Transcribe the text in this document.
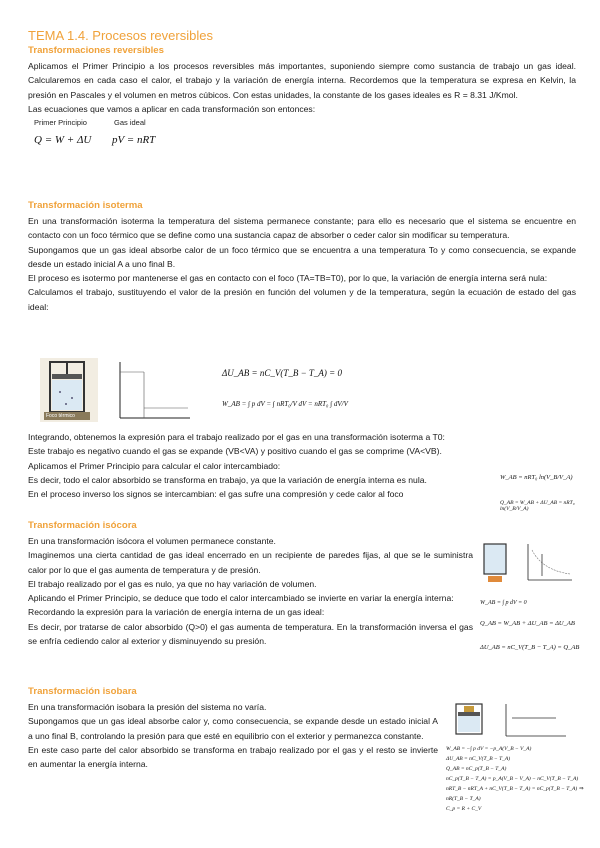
TEMA 1.4. Procesos reversibles
Transformaciones reversibles

Aplicamos el Primer Principio a los procesos reversibles más importantes, suponiendo siempre como sustancia de trabajo un gas ideal. Calcularemos en cada caso el calor, el trabajo y la variación de energía interna. Recordemos que la temperatura se expresa en Kelvin, la presión en Pascales y el volumen en metros cúbicos. Con estas unidades, la constante de los gases ideales es R = 8.31 J/Kmol.

Las ecuaciones que vamos a aplicar en cada transformación son entonces:

Primer Principio	Gas ideal
Q = W + ΔU pV = nRT
Transformación isoterma

En una transformación isoterma la temperatura del sistema permanece constante; para ello es necesario que el sistema se encuentre en contacto con un foco térmico que se define como una sustancia capaz de absorber o ceder calor sin modificar su temperatura.

Supongamos que un gas ideal absorbe calor de un foco térmico que se encuentra a una temperatura To y como consecuencia, se expande desde un estado inicial A a uno final B.

El proceso es isotermo por mantenerse el gas en contacto con el foco (TA=TB=T0), por lo que, la variación de energía interna será nula:

Calculamos el trabajo, sustituyendo el valor de la presión en función del volumen y de la temperatura, según la ecuación de estado del gas ideal:

Foco térmico
ΔU_AB = nC_V(T_B − T_A) = 0
W_AB = ∫ p dV = ∫ nRT₀/V dV = nRT₀ ∫ dV/V

Integrando, obtenemos la expresión para el trabajo realizado por el gas en una transformación isoterma a T0:

Este trabajo es negativo cuando el gas se expande (VB<VA) y positivo cuando el gas se comprime (VA<VB).

Aplicamos el Primer Principio para calcular el calor intercambiado:

Es decir, todo el calor absorbido se transforma en trabajo, ya que la variación de energía interna es nula.

En el proceso inverso los signos se intercambian: el gas sufre una compresión y cede calor al foco

W_AB = nRT₀ ln(V_B/V_A)
Q_AB = W_AB + ΔU_AB = nRT₀ ln(V_B/V_A)
Transformación isócora

En una transformación isócora el volumen permanece constante.

Imaginemos una cierta cantidad de gas ideal encerrado en un recipiente de paredes fijas, al que se le suministra calor por lo que el gas aumenta de temperatura y de presión.

El trabajo realizado por el gas es nulo, ya que no hay variación de volumen.

Aplicando el Primer Principio, se deduce que todo el calor intercambiado se invierte en variar la energía interna:

Recordando la expresión para la variación de energía interna de un gas ideal:

Es decir, por tratarse de calor absorbido (Q>0) el gas aumenta de temperatura. En la transformación inversa el gas se enfría cediendo calor al exterior y disminuyendo su presión.

W_AB = ∫ p dV = 0
Q_AB = W_AB + ΔU_AB = ΔU_AB
ΔU_AB = nC_V(T_B − T_A) = Q_AB
Transformación isobara

En una transformación isobara la presión del sistema no varía.

Supongamos que un gas ideal absorbe calor y, como consecuencia, se expande desde un estado inicial A a uno final B, controlando la presión para que esté en equilibrio con el exterior y permanezca constante.

En este caso parte del calor absorbido se transforma en trabajo realizado por el gas y el resto se invierte en aumentar la energía interna.

W_AB = −∫ p dV = −p_A(V_B − V_A)
ΔU_AB = nC_V(T_B − T_A)
Q_AB = nC_p(T_B − T_A)
nC_p(T_B − T_A) = p_A(V_B − V_A) − nC_V(T_B − T_A)
nRT_B − nRT_A + nC_V(T_B − T_A) = nC_p(T_B − T_A) ⇒ nR(T_B − T_A)
C_p = R + C_V
